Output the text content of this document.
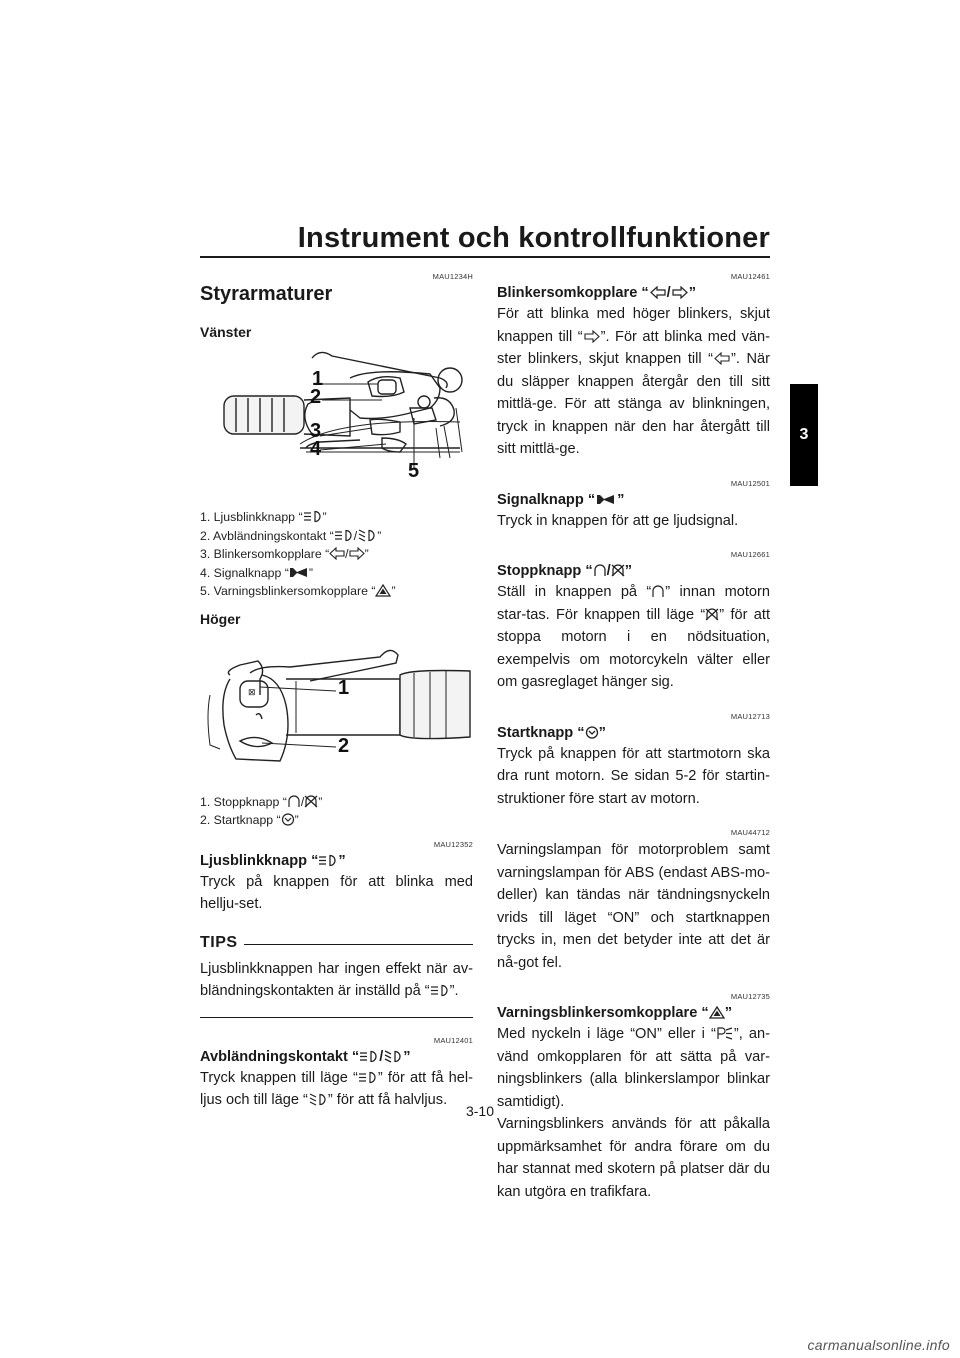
Instrument och kontrollfunktioner
3
MAU1234H
Styrarmaturer
Vänster
1
2
3
4
5
1. Ljusblinkknapp “ ”
2. Avbländningskontakt “ / ”
3. Blinkersomkopplare “ / ”
4. Signalknapp “ ”
5. Varningsblinkersomkopplare “ ”
Höger
⊠	1
2
1. Stoppknapp “ / ”
2. Startknapp “ ”
MAU12352
Ljusblinkknapp “ ”

Tryck på knappen för att blinka med hellju-set.

TIPS

Ljusblinkknappen har ingen effekt när av-bländningskontakten är inställd på “ ”.

MAU12401
Avbländningskontakt “ / ”

Tryck knappen till läge “ ” för att få hel-ljus och till läge “ ” för att få halvljus.

MAU12461
Blinkersomkopplare “ / ”

För att blinka med höger blinkers, skjut knappen till “ ”. För att blinka med vän-ster blinkers, skjut knappen till “ ”. När du släpper knappen återgår den till sitt mittlä-ge. För att stänga av blinkningen, tryck in knappen när den har återgått till sitt mittlä-ge.

MAU12501
Signalknapp “ ”

Tryck in knappen för att ge ljudsignal.

MAU12661
Stoppknapp “ / ”

Ställ in knappen på “ ” innan motorn star-tas. För knappen till läge “ ” för att stoppa motorn i en nödsituation, exempelvis om motorcykeln välter eller om gasreglaget hänger sig.

MAU12713
Startknapp “ ”

Tryck på knappen för att startmotorn ska dra runt motorn. Se sidan 5-2 för startin-struktioner före start av motorn.

MAU44712

Varningslampan för motorproblem samt varningslampan för ABS (endast ABS-mo-deller) kan tändas när tändningsnyckeln vrids till läget “ON” och startknappen trycks in, men det betyder inte att det är nå-got fel.

MAU12735
Varningsblinkersomkopplare “ ”

Med nyckeln i läge “ON” eller i “ ”, an-vänd omkopplaren för att sätta på var-ningsblinkers (alla blinkerslampor blinkar samtidigt).

Varningsblinkers används för att påkalla uppmärksamhet för andra förare om du har stannat med skotern på platser där du kan utgöra en trafikfara.

3-10
carmanualsonline.info
